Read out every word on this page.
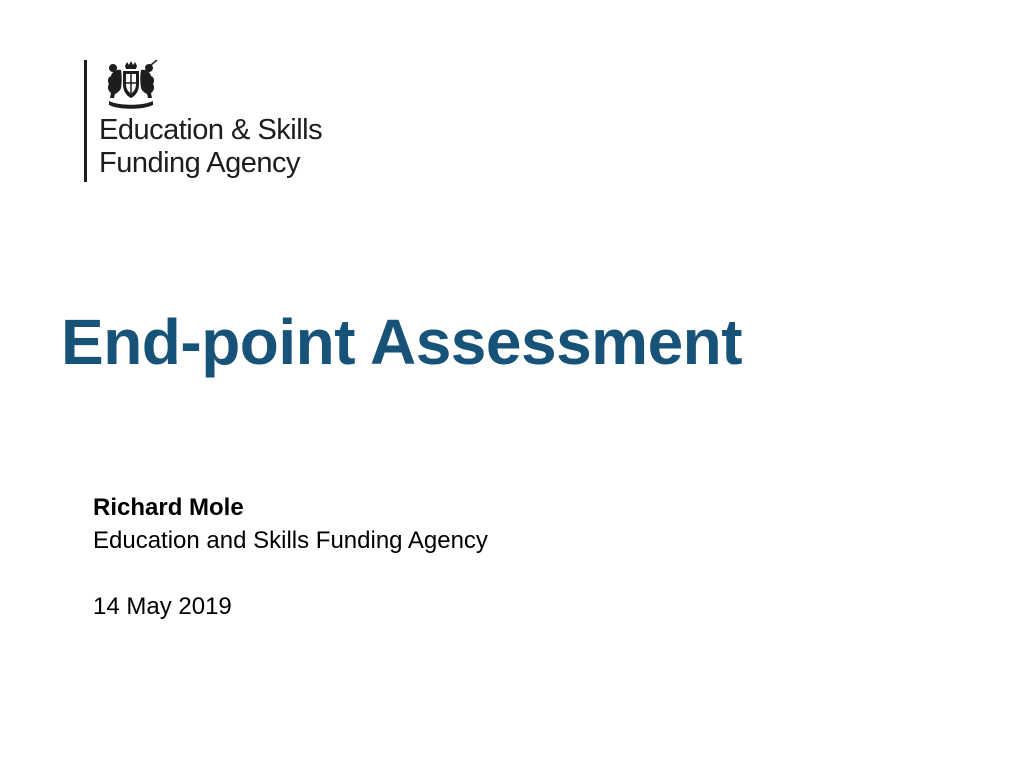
Education & Skills
Funding Agency
End-point Assessment
Richard Mole
Education and Skills Funding Agency
14 May 2019
